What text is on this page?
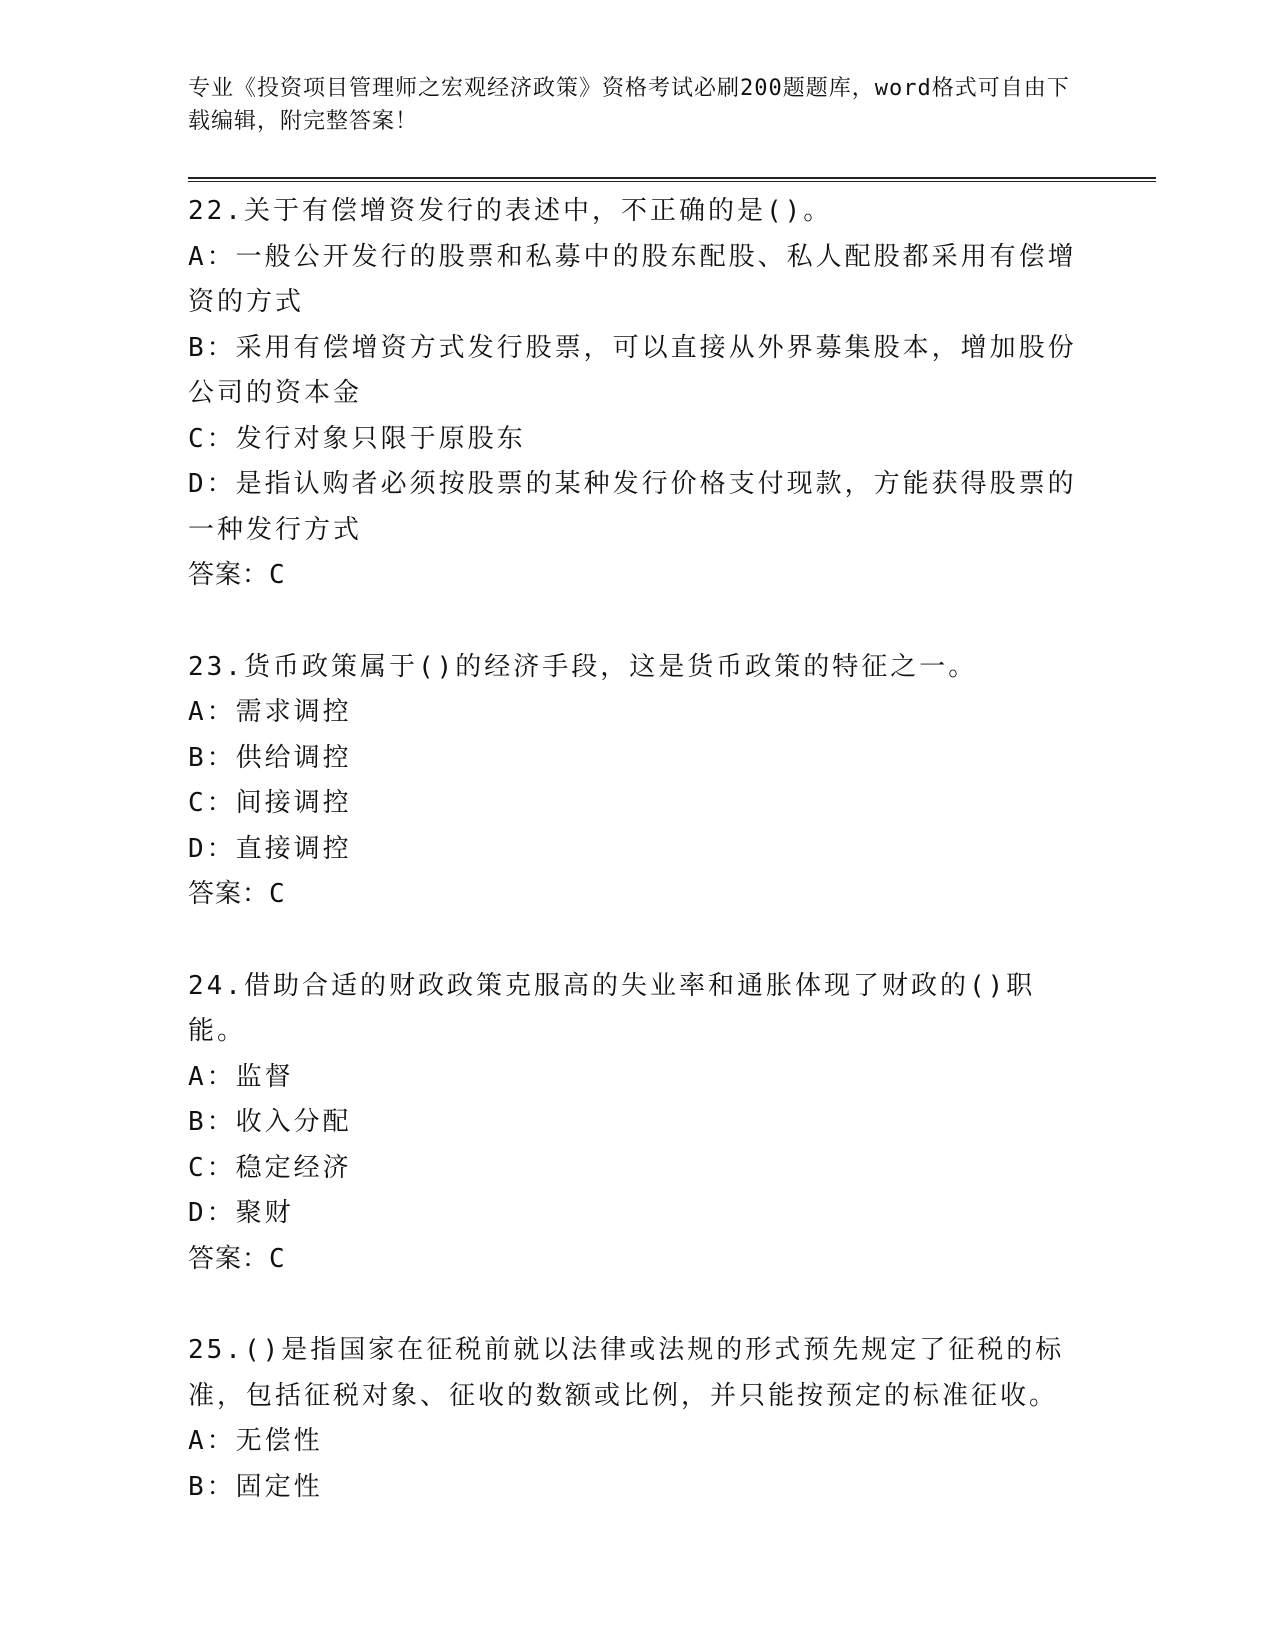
专业《投资项目管理师之宏观经济政策》资格考试必刷200题题库，word格式可自由下载编辑，附完整答案！
22.关于有偿增资发行的表述中，不正确的是()。
A：一般公开发行的股票和私募中的股东配股、私人配股都采用有偿增资的方式
B：采用有偿增资方式发行股票，可以直接从外界募集股本，增加股份公司的资本金
C：发行对象只限于原股东
D：是指认购者必须按股票的某种发行价格支付现款，方能获得股票的一种发行方式
答案：C
23.货币政策属于()的经济手段，这是货币政策的特征之一。
A：需求调控
B：供给调控
C：间接调控
D：直接调控
答案：C
24.借助合适的财政政策克服高的失业率和通胀体现了财政的()职能。
A：监督
B：收入分配
C：稳定经济
D：聚财
答案：C
25.()是指国家在征税前就以法律或法规的形式预先规定了征税的标准，包括征税对象、征收的数额或比例，并只能按预定的标准征收。
A：无偿性
B：固定性
